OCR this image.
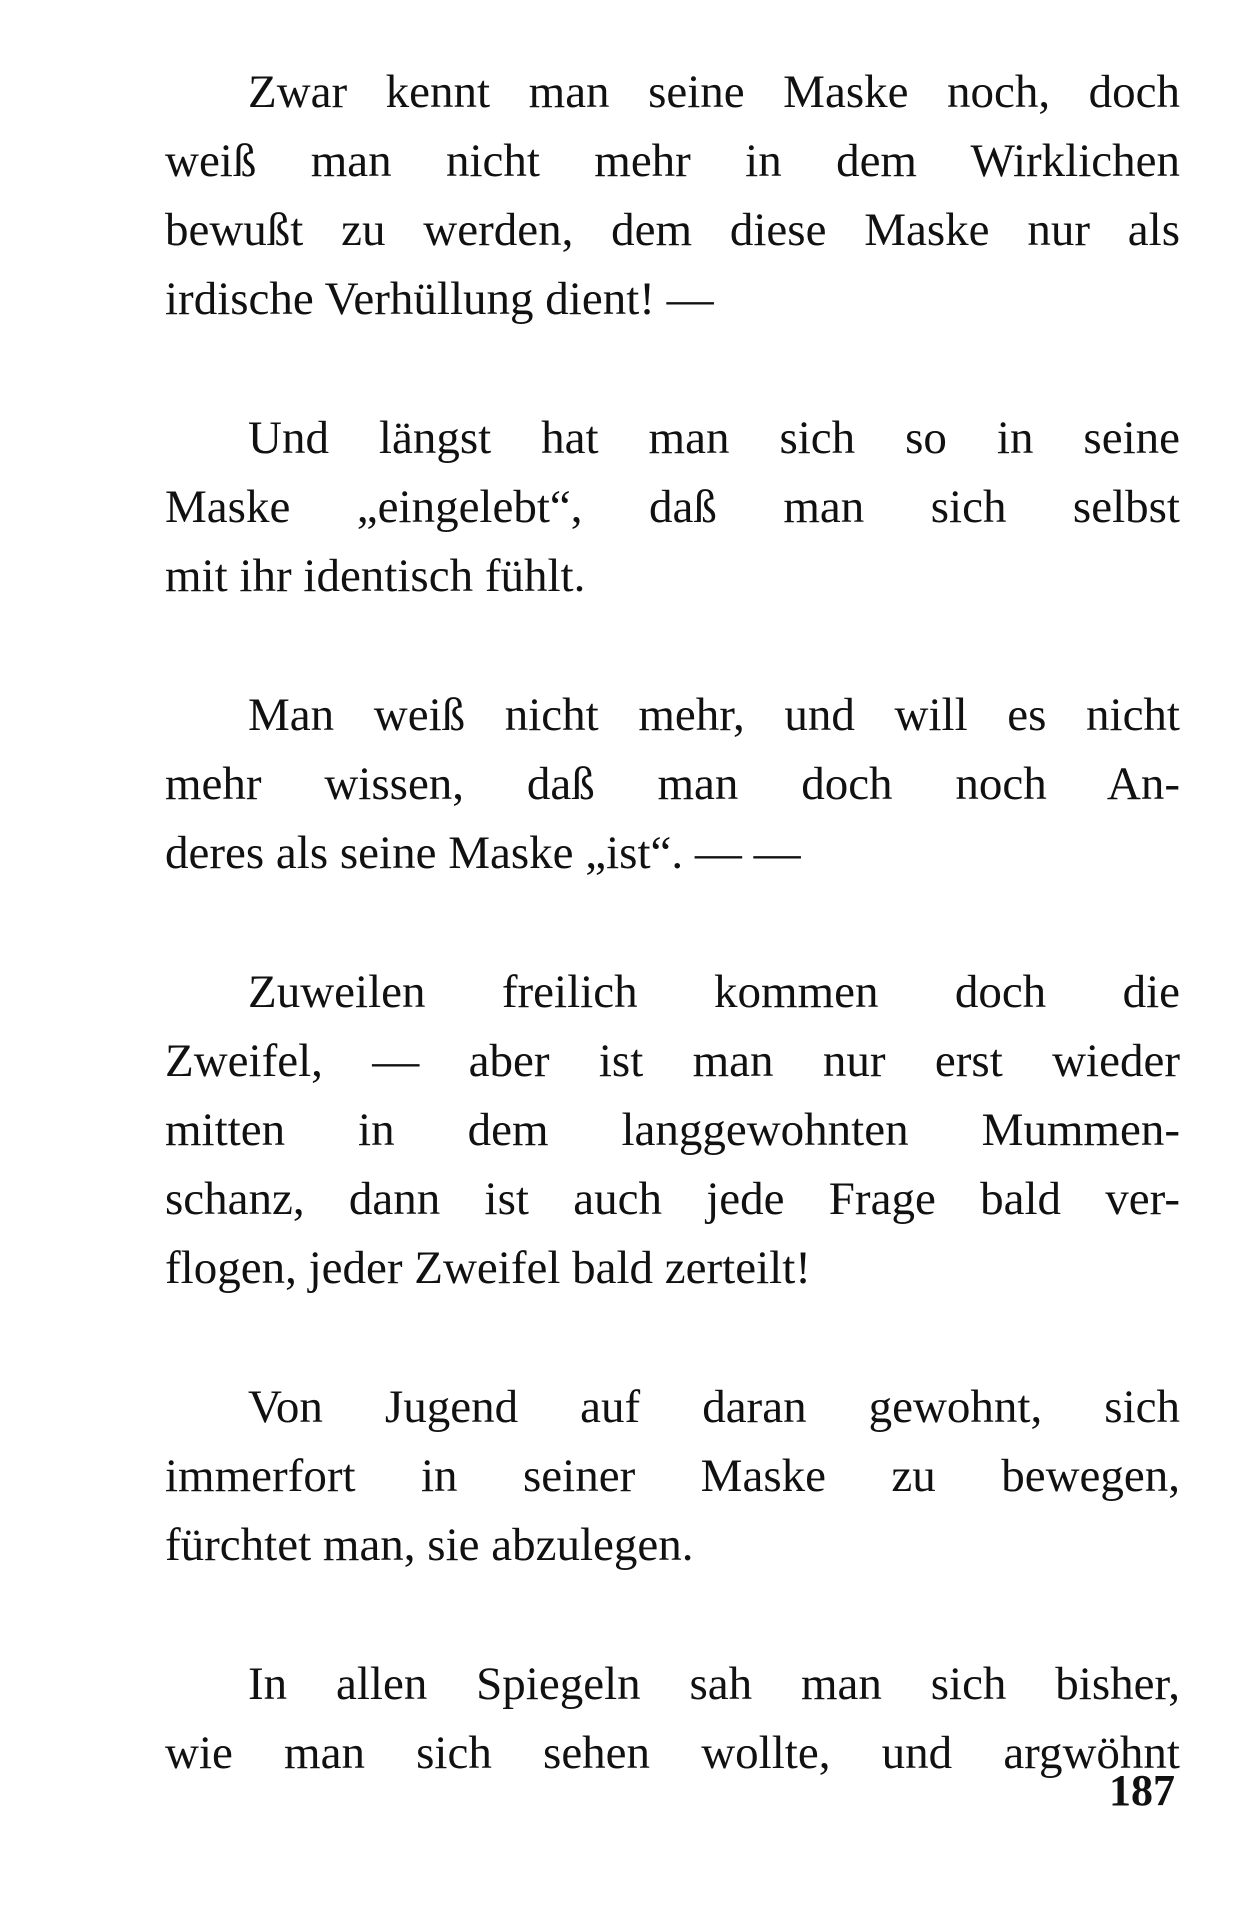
Zwar kennt man seine Maske noch, doch
weiß man nicht mehr in dem Wirklichen
bewußt zu werden, dem diese Maske nur als
irdische Verhüllung dient! —
Und längst hat man sich so in seine
Maske „eingelebt“, daß man sich selbst
mit ihr identisch fühlt.
Man weiß nicht mehr, und will es nicht
mehr wissen, daß man doch noch An-
deres als seine Maske „ist“. — —
Zuweilen freilich kommen doch die
Zweifel, — aber ist man nur erst wieder
mitten in dem langgewohnten Mummen-
schanz, dann ist auch jede Frage bald ver-
flogen, jeder Zweifel bald zerteilt!
Von Jugend auf daran gewohnt, sich
immerfort in seiner Maske zu bewegen,
fürchtet man, sie abzulegen.
In allen Spiegeln sah man sich bisher,
wie man sich sehen wollte, und argwöhnt
187
